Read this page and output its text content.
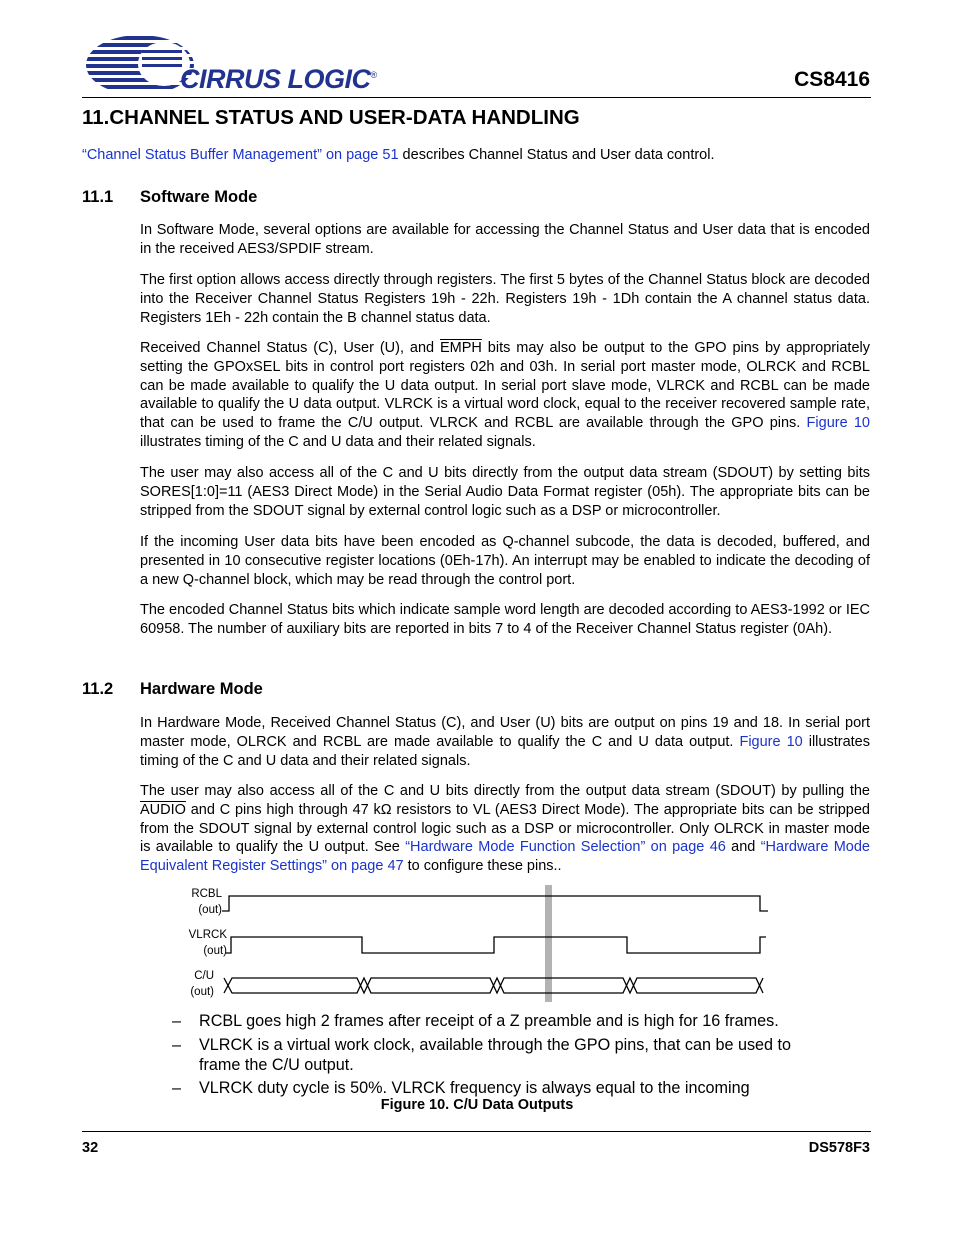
CIRRUS LOGIC®	CS8416
11.CHANNEL STATUS AND USER-DATA HANDLING
“Channel Status Buffer Management” on page 51 describes Channel Status and User data control.
11.1 Software Mode
In Software Mode, several options are available for accessing the Channel Status and User data that is encoded in the received AES3/SPDIF stream.
The first option allows access directly through registers. The first 5 bytes of the Channel Status block are decoded into the Receiver Channel Status Registers 19h - 22h. Registers 19h - 1Dh contain the A channel status data. Registers 1Eh - 22h contain the B channel status data.
Received Channel Status (C), User (U), and EMPH bits may also be output to the GPO pins by appropriately setting the GPOxSEL bits in control port registers 02h and 03h. In serial port master mode, OLRCK and RCBL can be made available to qualify the U data output. In serial port slave mode, VLRCK and RCBL can be made available to qualify the U data output. VLRCK is a virtual word clock, equal to the receiver recovered sample rate, that can be used to frame the C/U output. VLRCK and RCBL are available through the GPO pins. Figure 10 illustrates timing of the C and U data and their related signals.
The user may also access all of the C and U bits directly from the output data stream (SDOUT) by setting bits SORES[1:0]=11 (AES3 Direct Mode) in the Serial Audio Data Format register (05h). The appropriate bits can be stripped from the SDOUT signal by external control logic such as a DSP or microcontroller.
If the incoming User data bits have been encoded as Q-channel subcode, the data is decoded, buffered, and presented in 10 consecutive register locations (0Eh-17h). An interrupt may be enabled to indicate the decoding of a new Q-channel block, which may be read through the control port.
The encoded Channel Status bits which indicate sample word length are decoded according to AES3-1992 or IEC 60958. The number of auxiliary bits are reported in bits 7 to 4 of the Receiver Channel Status register (0Ah).
11.2 Hardware Mode
In Hardware Mode, Received Channel Status (C), and User (U) bits are output on pins 19 and 18. In serial port master mode, OLRCK and RCBL are made available to qualify the C and U data output. Figure 10 illustrates timing of the C and U data and their related signals.
The user may also access all of the C and U bits directly from the output data stream (SDOUT) by pulling the AUDIO and C pins high through 47 kΩ resistors to VL (AES3 Direct Mode). The appropriate bits can be stripped from the SDOUT signal by external control logic such as a DSP or microcontroller. Only OLRCK in master mode is available to qualify the U output. See “Hardware Mode Function Selection” on page 46 and “Hardware Mode Equivalent Register Settings” on page 47 to configure these pins..
RCBL
(out)
VLRCK
(out)
C/U
(out)
– RCBL goes high 2 frames after receipt of a Z preamble and is high for 16 frames.
– VLRCK is a virtual work clock, available through the GPO pins, that can be used to frame the C/U output.
– VLRCK duty cycle is 50%. VLRCK frequency is always equal to the incoming
Figure 10. C/U Data Outputs
32	DS578F3
